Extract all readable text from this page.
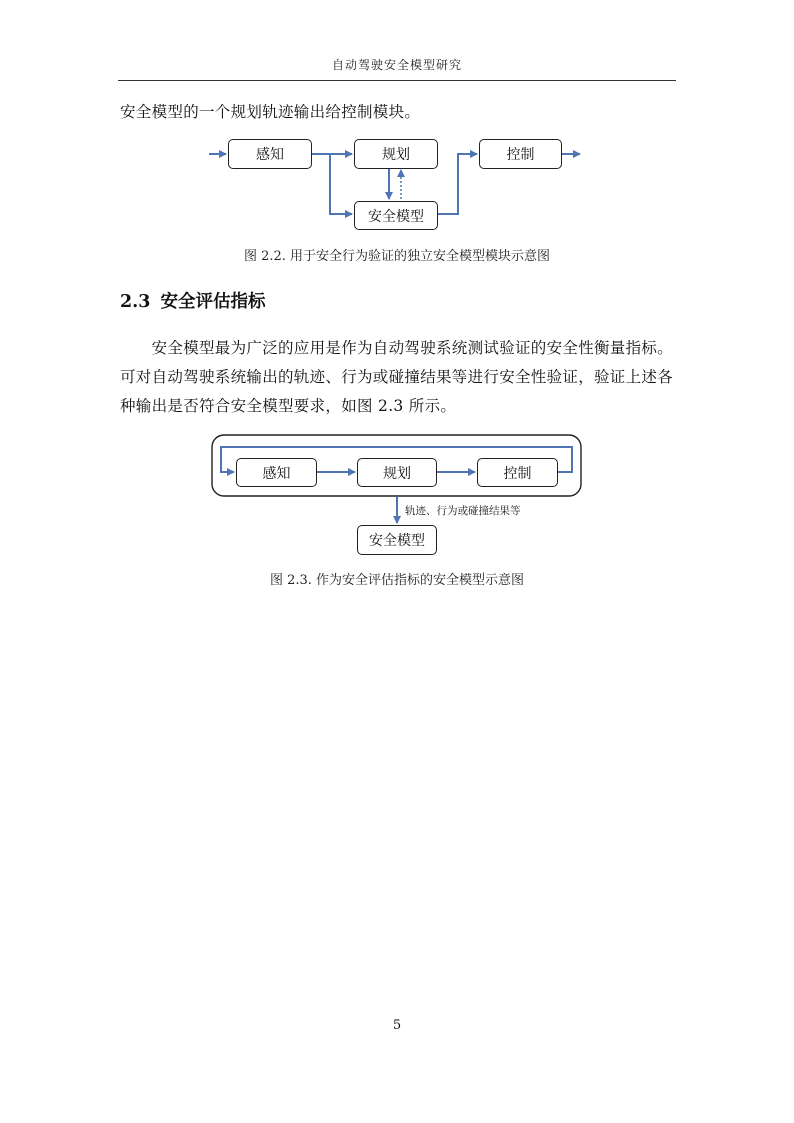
自动驾驶安全模型研究
安全模型的一个规划轨迹输出给控制模块。
感知	规划	控制
安全模型
图 2.2. 用于安全行为验证的独立安全模型模块示意图
2.3 安全评估指标
　　安全模型最为广泛的应用是作为自动驾驶系统测试验证的安全性衡量指标。
可对自动驾驶系统输出的轨迹、行为或碰撞结果等进行安全性验证，验证上述各
种输出是否符合安全模型要求，如图 2.3 所示。
感知	规划	控制
轨迹、行为或碰撞结果等
安全模型
图 2.3. 作为安全评估指标的安全模型示意图
5
